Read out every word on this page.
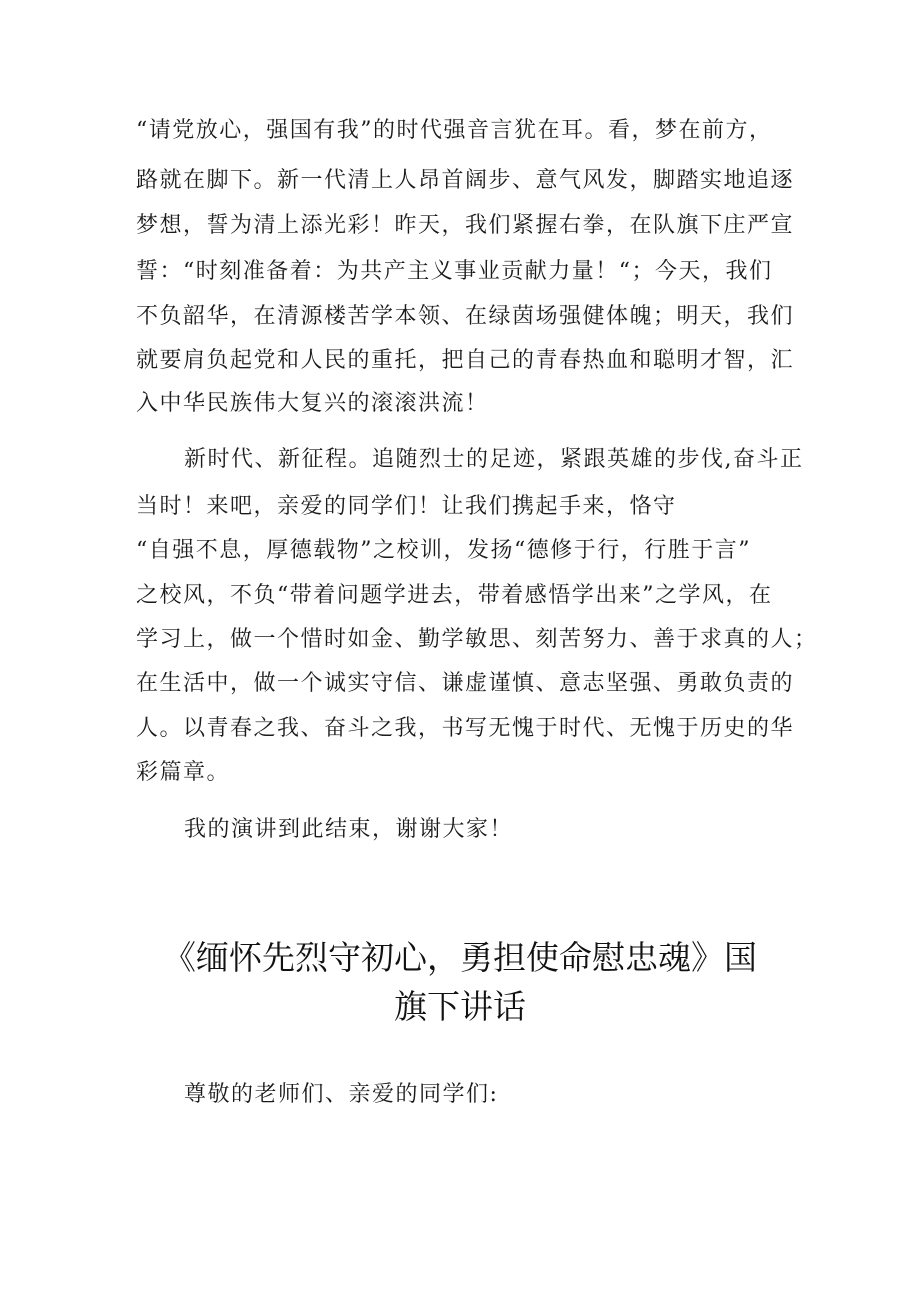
“请党放心，强国有我”的时代强音言犹在耳。看，梦在前方，
路就在脚下。新一代清上人昂首阔步、意气风发，脚踏实地追逐
梦想，誓为清上添光彩！昨天，我们紧握右拳，在队旗下庄严宣
誓：“时刻准备着：为共产主义事业贡献力量！“；今天，我们
不负韶华，在清源楼苦学本领、在绿茵场强健体魄；明天，我们
就要肩负起党和人民的重托，把自己的青春热血和聪明才智，汇
入中华民族伟大复兴的滚滚洪流！
新时代、新征程。追随烈士的足迹，紧跟英雄的步伐,奋斗正
当时！来吧，亲爱的同学们！让我们携起手来，恪守
“自强不息，厚德载物”之校训，发扬“德修于行，行胜于言”
之校风，不负“带着问题学进去，带着感悟学出来”之学风，在
学习上，做一个惜时如金、勤学敏思、刻苦努力、善于求真的人；
在生活中，做一个诚实守信、谦虚谨慎、意志坚强、勇敢负责的
人。以青春之我、奋斗之我，书写无愧于时代、无愧于历史的华
彩篇章。
我的演讲到此结束，谢谢大家！
《缅怀先烈守初心，勇担使命慰忠魂》国
旗下讲话
尊敬的老师们、亲爱的同学们:
